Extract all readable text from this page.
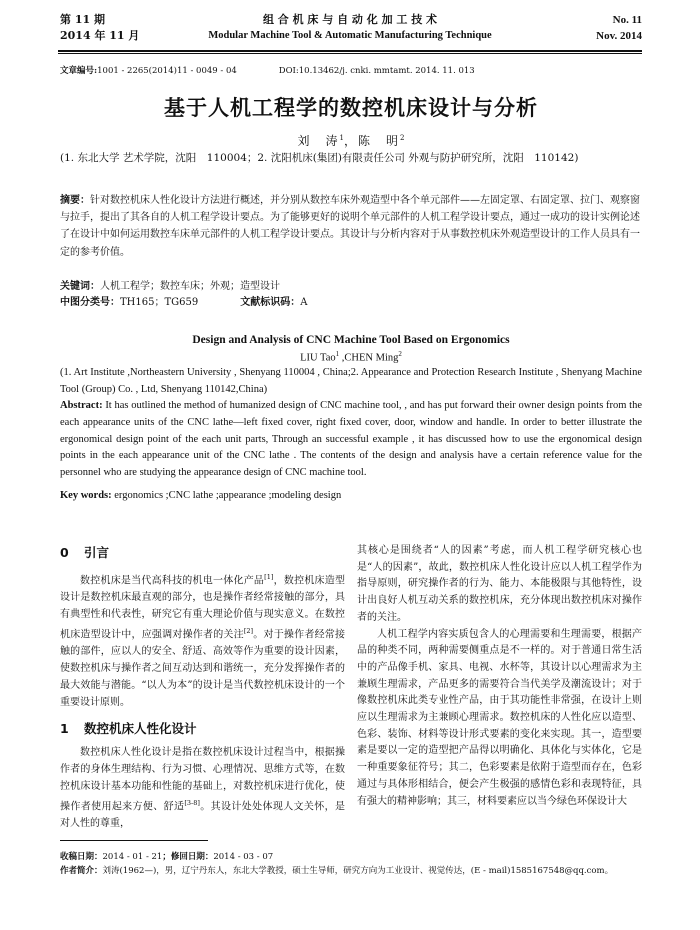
第 11 期
2014 年 11 月
组 合 机 床 与 自 动 化 加 工 技 术
Modular Machine Tool & Automatic Manufacturing Technique
No. 11
Nov. 2014
文章编号:1001 - 2265(2014)11 - 0049 - 04	DOI:10.13462/j. cnki. mmtamt. 2014. 11. 013
基于人机工程学的数控机床设计与分析
刘　涛$^1$，陈　明$^2$
(1. 东北大学 艺术学院，沈阳　110004；2. 沈阳机床(集团)有限责任公司 外观与防护研究所，沈阳　110142)
摘要：针对数控机床人性化设计方法进行概述，并分别从数控车床外观造型中各个单元部件——左固定罩、右固定罩、拉门、观察窗与拉手，提出了其各自的人机工程学设计要点。为了能够更好的说明个单元部件的人机工程学设计要点，通过一成功的设计实例论述了在设计中如何运用数控车床单元部件的人机工程学设计要点。其设计与分析内容对于从事数控机床外观造型设计的工作人员具有一定的参考价值。
关键词：人机工程学；数控车床；外观；造型设计
中图分类号：TH165；TG659	文献标识码：A
Design and Analysis of CNC Machine Tool Based on Ergonomics
LIU Tao$^1$ ,CHEN Ming$^2$
(1. Art Institute ,Northeastern University , Shenyang 110004 , China;2. Appearance and Protection Research Institute , Shenyang Machine Tool (Group) Co. , Ltd, Shenyang 110142,China)
Abstract: It has outlined the method of humanized design of CNC machine tool, , and has put forward their owner design points from the each appearance units of the CNC lathe—left fixed cover, right fixed cover, door, window and handle. In order to better illustrate the ergonomical design point of the each unit parts, Through an successful example , it has discussed how to use the ergonomical design points in the each appearance unit of the CNC lathe . The contents of the design and analysis have a certain reference value for the personnel who are studying the appearance design of CNC machine tool.
Key words: ergonomics ;CNC lathe ;appearance ;modeling design
0 引言

数控机床是当代高科技的机电一体化产品[1]，数控机床造型设计是数控机床最直观的部分，也是操作者经常接触的部分，具有典型性和代表性，研究它有重大理论价值与现实意义。在数控机床造型设计中，应强调对操作者的关注[2]。对于操作者经常接触的部件，应以人的安全、舒适、高效等作为重要的设计因素，使数控机床与操作者之间互动达到和谐统一，充分发挥操作者的最大效能与潜能。“以人为本”的设计是当代数控机床设计的一个重要设计原则。

1 数控机床人性化设计

数控机床人性化设计是指在数控机床设计过程当中，根据操作者的身体生理结构、行为习惯、心理情况、思维方式等，在数控机床设计基本功能和性能的基础上，对数控机床进行优化，使操作者使用起来方便、舒适[3-8]。其设计处处体现人文关怀，是对人性的尊重，

其核心是围绕者“人的因素”考虑，而人机工程学研究核心也是“人的因素”，故此，数控机床人性化设计应以人机工程学作为指导原则，研究操作者的行为、能力、本能极限与其他特性，设计出良好人机互动关系的数控机床，充分体现出数控机床对操作者的关注。

人机工程学内容实质包含人的心理需要和生理需要，根据产品的种类不同，两种需要侧重点是不一样的。对于普通日常生活中的产品像手机、家具、电视、水杯等，其设计以心理需求为主兼顾生理需求，产品更多的需要符合当代美学及潮流设计；对于像数控机床此类专业性产品，由于其功能性非常强，在设计上则应以生理需求为主兼顾心理需求。数控机床的人性化应以造型、色彩、装饰、材料等设计形式要素的变化来实现。其一，造型要素是要以一定的造型把产品得以明确化、具体化与实体化，它是一种重要象征符号；其二，色彩要素是依附于造型而存在，色彩通过与具体形相结合，便会产生极强的感情色彩和表现特征，具有强大的精神影响；其三，材料要素应以当今绿色环保设计大

收稿日期：2014 - 01 - 21；修回日期：2014 - 03 - 07
作者简介：刘涛(1962—)，男，辽宁丹东人，东北大学教授，硕士生导师，研究方向为工业设计、视觉传达，(E - mail)1585167548@qq.com。
